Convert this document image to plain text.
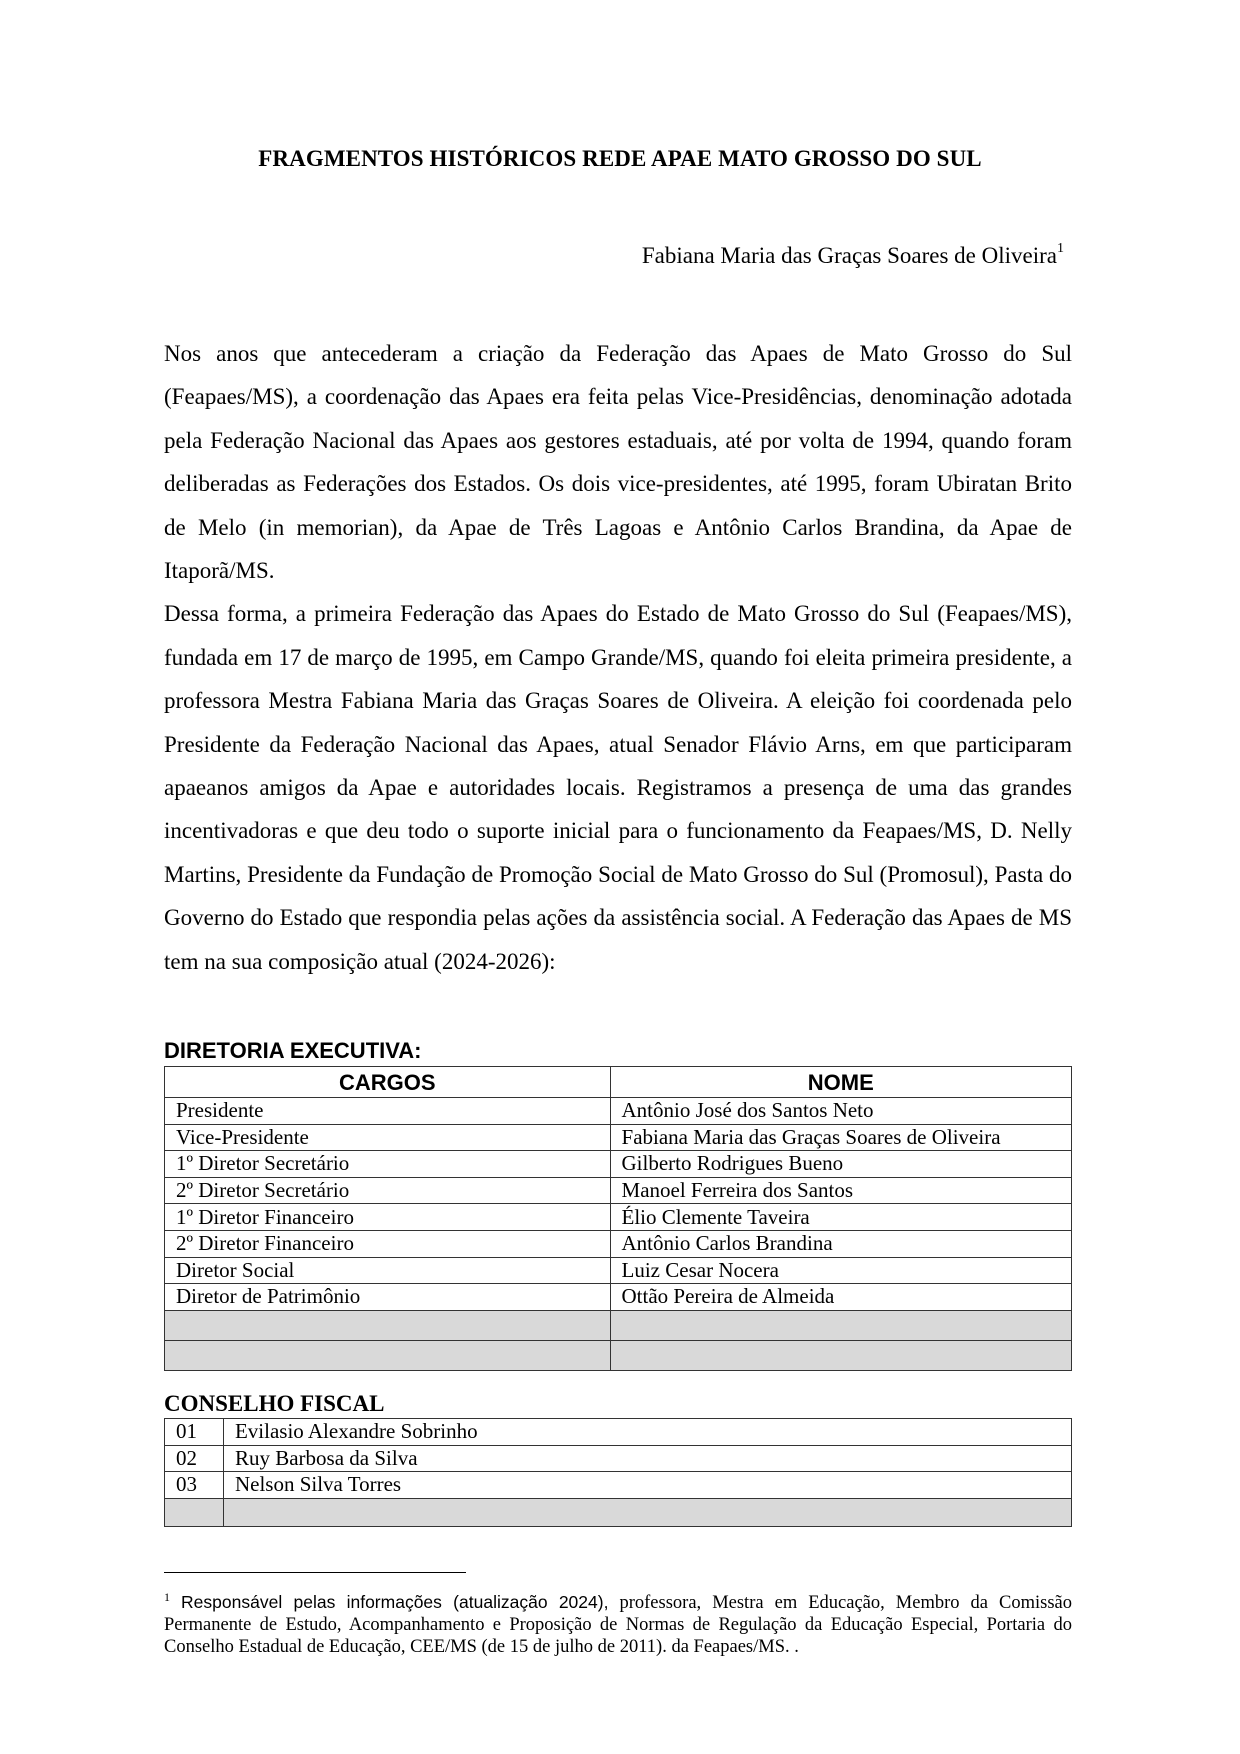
FRAGMENTOS HISTÓRICOS REDE APAE MATO GROSSO DO SUL
Fabiana Maria das Graças Soares de Oliveira$^1$

Nos anos que antecederam a criação da Federação das Apaes de Mato Grosso do Sul (Feapaes/MS), a coordenação das Apaes era feita pelas Vice-Presidências, denominação adotada pela Federação Nacional das Apaes aos gestores estaduais, até por volta de 1994, quando foram deliberadas as Federações dos Estados. Os dois vice-presidentes, até 1995, foram Ubiratan Brito de Melo (in memorian), da Apae de Três Lagoas e Antônio Carlos Brandina, da Apae de Itaporã/MS.

Dessa forma, a primeira Federação das Apaes do Estado de Mato Grosso do Sul (Feapaes/MS), fundada em 17 de março de 1995, em Campo Grande/MS, quando foi eleita primeira presidente, a professora Mestra Fabiana Maria das Graças Soares de Oliveira. A eleição foi coordenada pelo Presidente da Federação Nacional das Apaes, atual Senador Flávio Arns, em que participaram apaeanos amigos da Apae e autoridades locais. Registramos a presença de uma das grandes incentivadoras e que deu todo o suporte inicial para o funcionamento da Feapaes/MS, D. Nelly Martins, Presidente da Fundação de Promoção Social de Mato Grosso do Sul (Promosul), Pasta do Governo do Estado que respondia pelas ações da assistência social. A Federação das Apaes de MS tem na sua composição atual (2024-2026):

DIRETORIA EXECUTIVA:
CARGOS	NOME
Presidente	Antônio José dos Santos Neto
Vice-Presidente	Fabiana Maria das Graças Soares de Oliveira
1º Diretor Secretário	Gilberto Rodrigues Bueno
2º Diretor Secretário	Manoel Ferreira dos Santos
1º Diretor Financeiro	Élio Clemente Taveira
2º Diretor Financeiro	Antônio Carlos Brandina
Diretor Social	Luiz Cesar Nocera
Diretor de Patrimônio	Ottão Pereira de Almeida

CONSELHO FISCAL
01	Evilasio Alexandre Sobrinho
02	Ruy Barbosa da Silva
03	Nelson Silva Torres

$^1$ Responsável pelas informações (atualização 2024), professora, Mestra em Educação, Membro da Comissão Permanente de Estudo, Acompanhamento e Proposição de Normas de Regulação da Educação Especial, Portaria do Conselho Estadual de Educação, CEE/MS (de 15 de julho de 2011). da Feapaes/MS. .
